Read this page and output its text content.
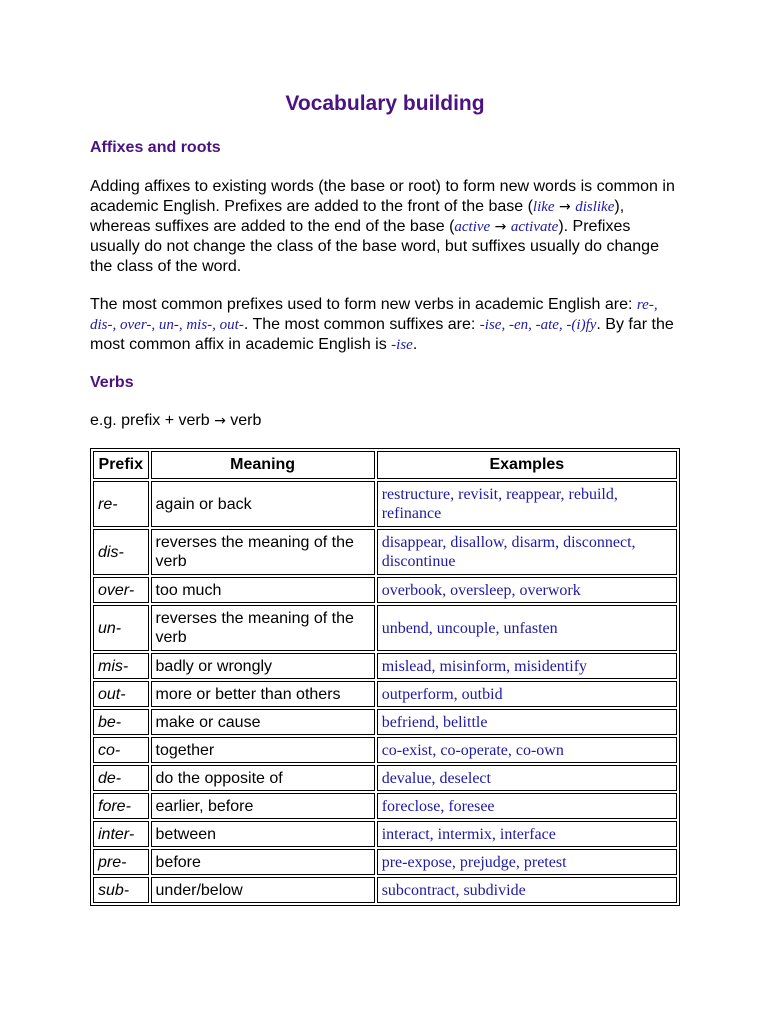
Vocabulary building
Affixes and roots

Adding affixes to existing words (the base or root) to form new words is common in academic English. Prefixes are added to the front of the base (like → dislike), whereas suffixes are added to the end of the base (active → activate). Prefixes usually do not change the class of the base word, but suffixes usually do change the class of the word.

The most common prefixes used to form new verbs in academic English are: re-, dis-, over-, un-, mis-, out-. The most common suffixes are: -ise, -en, -ate, -(i)fy. By far the most common affix in academic English is -ise.

Verbs

e.g. prefix + verb → verb

Prefix	Meaning	Examples
re-	again or back	restructure, revisit, reappear, rebuild, refinance
dis-	reverses the meaning of the verb	disappear, disallow, disarm, disconnect, discontinue
over-	too much	overbook, oversleep, overwork
un-	reverses the meaning of the verb	unbend, uncouple, unfasten
mis-	badly or wrongly	mislead, misinform, misidentify
out-	more or better than others	outperform, outbid
be-	make or cause	befriend, belittle
co-	together	co-exist, co-operate, co-own
de-	do the opposite of	devalue, deselect
fore-	earlier, before	foreclose, foresee
inter-	between	interact, intermix, interface
pre-	before	pre-expose, prejudge, pretest
sub-	under/below	subcontract, subdivide
